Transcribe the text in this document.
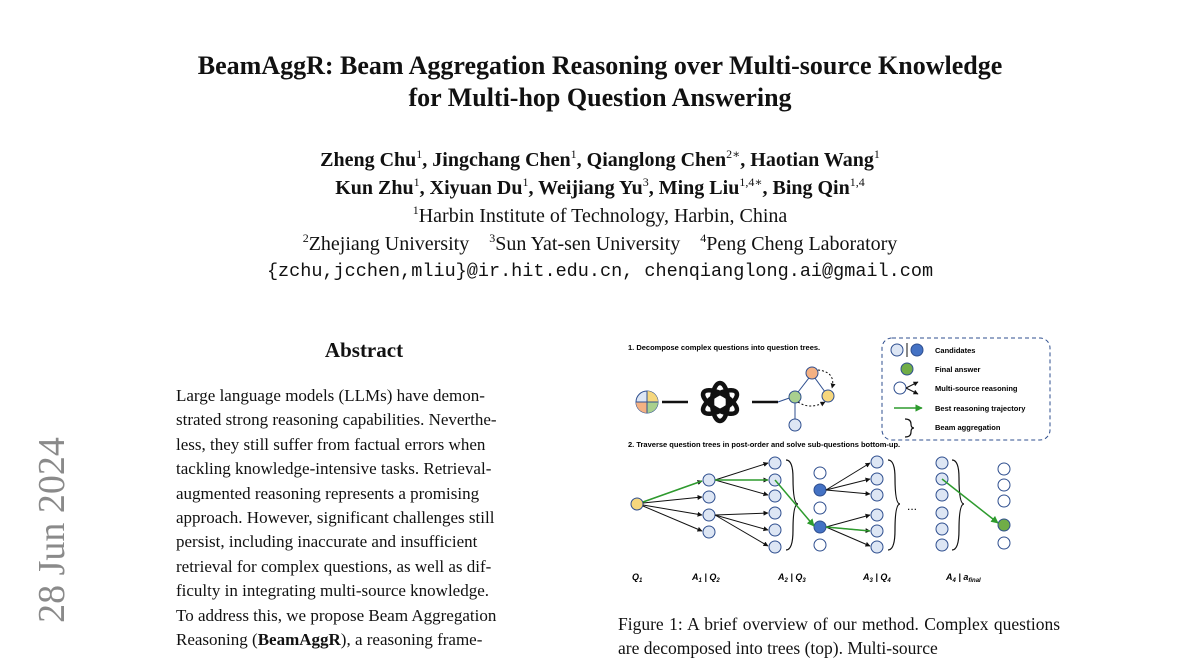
28 Jun 2024
BeamAggR: Beam Aggregation Reasoning over Multi-source Knowledge
for Multi-hop Question Answering
Zheng Chu$^1$, Jingchang Chen$^1$, Qianglong Chen$^{2∗}$, Haotian Wang$^1$
Kun Zhu$^1$, Xiyuan Du$^1$, Weijiang Yu$^3$, Ming Liu$^{1,4∗}$, Bing Qin$^{1,4}$
$^1$Harbin Institute of Technology, Harbin, China
$^2$Zhejiang University $^3$Sun Yat-sen University $^4$Peng Cheng Laboratory
{zchu,jcchen,mliu}@ir.hit.edu.cn, chenqianglong.ai@gmail.com
Abstract
Large language models (LLMs) have demon-
strated strong reasoning capabilities. Neverthe-
less, they still suffer from factual errors when
tackling knowledge-intensive tasks. Retrieval-
augmented reasoning represents a promising
approach. However, significant challenges still
persist, including inaccurate and insufficient
retrieval for complex questions, as well as dif-
ficulty in integrating multi-source knowledge.
To address this, we propose Beam Aggregation
Reasoning (BeamAggR), a reasoning frame-
1. Decompose complex questions into question trees.
2. Traverse question trees in post-order and solve sub-questions bottom-up.
Candidates
Final answer
Multi-source reasoning
Best reasoning trajectory
Beam aggregation
...
$Q_1$	$A_1$ | $Q_2$	$A_2$ | $Q_3$	$A_3$ | $Q_4$	$A_4$ | $a_{final}$
Figure 1: A brief overview of our method. Complex questions are decomposed into trees (top). Multi-source
